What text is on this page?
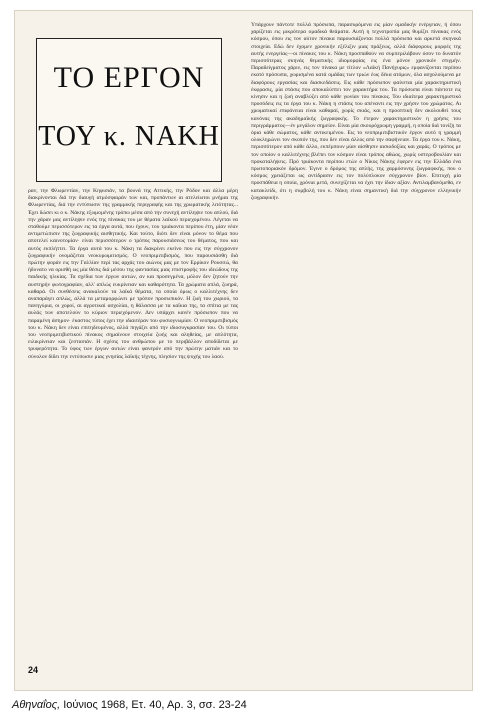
ΤΟ ΕΡΓΟΝ
ΤΟΥ κ. ΝΑΚΗ
ραν, την Φλωρεντίαν, την Κηφισιάν, τα βουνά της Αττικής, την Ρόδον και άλλα μέρη διακρίνονται διά την διαυγή ατμόσφαιράν των και, προπάντων αι ατελείωτοι μνήμαι της Φλωρεντίας, διά την εντύπωσιν της γραμμικής περιγραφής και της χρωματικής λιτότητας... Έχει δώσει κι ο κ. Νάκης εξωμομένης τρόπω μέσα από την συνεχή αντίληψιν του απλού, διά την χάραν μας αντίληψιν ενός της πίνακας του με θέματα λαϊκού περιεχομένου. Λέγεται να σταθούμε περισσότερον εις τα έργα αυτά, που έχουν, του τριάκοντα περίπου έτη, μίαν νέαν αντιμετώπισιν της ζωγραφικής αισθητικής. Και τούτο, διότι δεν είναι μόνον το θέμα που αποτελεί καινοτομίαν· είναι περισσότερον ο τρόπος παρουσιάσεως του θέματος, που και αυτός εκπλήττει. Τα έργα αυτά του κ. Νάκη τα διακρίνει εκείνο που εις την σύγχρονον ζωγραφικήν ονομάζεται νεοκυρωμιτισμός. Ο νεοπριμιτιβισμός, που παρουσιάσθη διά πρώτην φοράν εις την Γαλλίαν περί τας αρχάς του αιώνος μας με τον Ερρίκον Ρουσσώ, θα ήδυνατο να ορισθή ως μία θέσις διά μέσου της φαντασίας μιας επιστροφής του ιδεώδους της παιδικής ηλικίας. Τα σχέδια των έργων αυτών, αν και προσεγμένα, μόλον δεν ζητούν την αυστηρήν φωτογραφίαν, αλλ' απλώς ευκρίνειαν και καθαρότητα. Τα χρώματα απλά, ζωηρά, καθαρά. Οι συνθέσεις ανακαλούν τα λαϊκά θέματα, τα οποία όμως ο καλλιτέχνης δεν αναπαράγει απλώς, αλλά τα μεταμορφώνει με τρόπον προσωπικόν. Η ζωή του χωριού, τα πανηγύρια, οι χοροί, αι αγροτικαί ασχολίαι, η θάλασσα με τα καΐκια της, τα σπίτια με τας αυλάς των αποτελούν το κύριον περιεχόμενον. Δεν υπάρχει κανέν πρόσωπον που να παραμένη άσημον· έκαστος τύπος έχει την ιδιαιτέραν του φυσιογνωμίαν. Ο νεοπριμιτιβισμός του κ. Νάκη δεν είναι επιτηδευμένος, αλλά πηγάζει από την ιδιοσυγκρασίαν του. Οι τύποι του νεοπριμιτιβιστικού πίνακος σημαίνουν στοιχεία ζωής και αληθείας, με απλότητα, ειλικρίνειαν και ζεστασιάν. Η σχέσις του ανθρώπου με το περιβάλλον αποδίδεται με τρυφερότητα. Το ύφος των έργων αυτών είναι φανερόν από την πρώτην ματιάν και το σύνολον δίδει την εντύπωσιν μιας γνησίας λαϊκής τέχνης, πλησίον της ψυχής του λαού.
Υπάρχουν πάντοτε πολλά πρόσωπα, παρασυρόμενα εις μίαν ομαδικήν ενέργειαν, ή όπου χαρίζεται εις μικρότερα ομαδικά θεάματα. Αυτή η τεχνοτροπία μας θυμίζει πίνακας ενός κόσμου, όπου εις τον αύτον πίνακα παρουσιάζονται πολλά πρόσωπα και αρκετά σκηνικά στοιχεία. Εδώ δεν έχομεν χρονικήν εξέλιξιν μιας πράξεως, αλλά διάφορους μορφές της αυτής ενεργείας—οι πίνακες του κ. Νάκη προσπαθούν να συμπεριλάβουν όσον το δυνατόν περισσότερας σκηνάς θεματικής ιδιομορφίας εις ένα μόνον χρονικόν στιγμήν. Παραδείγματος χάριν, εις τον πίνακα με τίτλον «Λαϊκή Πανήγυρις» εμφανίζονται περίπου εκατό πρόσωπα, χωρισμένα κατά ομάδας των τριών έως δέκα ατόμων, όλα ασχολούμενα με διαφόρους εργασίας και διασκεδάσεις. Εις κάθε πρόσωπον φαίνεται μία χαρακτηριστική έκφρασις, μία στάσις που αποκαλύπτει τον χαρακτήρα του. Τα πρόσωπα είναι πάντοτε εις κίνησιν και η ζωή αναβλύζει από κάθε γωνίαν του πίνακος. Του ιδιαίτερα χαρακτηριστικό προσόδεις εις τα έργα του κ. Νάκη η στάσις του απέναντι εις την χρήσιν του χρώματος. Αι χρωματικαί επιφάνειαι είναι καθαραί, χωρίς σκιάς, και η προοπτική δεν ακολουθεί τους κανόνας της ακαδημαϊκής ζωγραφικής. Το έτερον χαρακτηριστικόν η χρήσις του περιγράμματος—έν μεγάλον σημείον. Είναι μία σκουρόχρωμη γραμμή, η οποία διά τονίζη τα όρια κάθε σώματος, κάθε αντικειμένου. Εις το νεοπριμιτιβιστικόν έργον αυτό η γραμμή ολοκληρώνει τον σκοπόν της, που δεν είναι άλλος από την σαφήνειαν. Τα έργα του κ. Νάκη, περισσότερον από κάθε άλλο, εκπέμπουν μίαν αίσθησιν αισιοδοξίας και χαράς. Ο τρόπος με τον οποίον ο καλλιτέχνης βλέπει τον κόσμον είναι τρόπος αθώος, χωρίς υστεροβουλίαν και προκαταλήψεις. Πρό τριάκοντα περίπου ετών ο Νίκος Νάκης έφερεν εις την Ελλάδα ένα πρωτοποριακόν δρόμον. Έγινε ο δρόμος της απλής, της χαρμόσυνης ζωγραφικής, που ο κόσμος χρειάζεται ως αντίδρασιν εις τον πολύπλοκον σύγχρονον βίον. Επιτυχή μία προσπάθεια η οποία, χρόνια μετά, συνεχίζεται να έχει την ίδιαν αξίαν. Αντιλαμβανόμεθα, εν κατακλείδι, ότι η συμβολή του κ. Νάκη είναι σημαντική διά την σύγχρονον ελληνικήν ζωγραφικήν.
24
Αθηναΐος, Ιούνιος 1968, Ετ. 40, Αρ. 3, σσ. 23-24
